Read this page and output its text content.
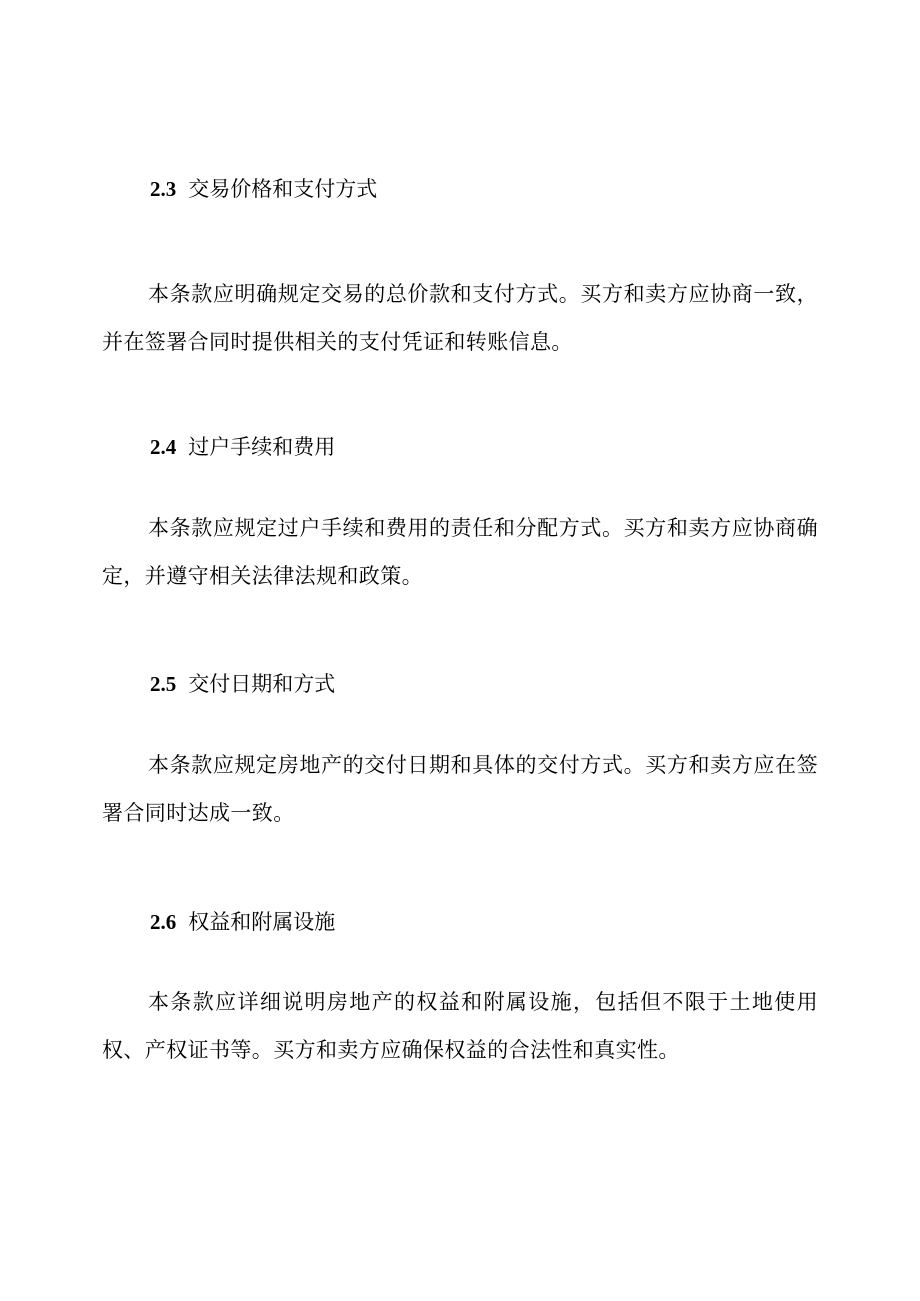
2.3 交易价格和支付方式
本条款应明确规定交易的总价款和支付方式。买方和卖方应协商一致，并在签署合同时提供相关的支付凭证和转账信息。
2.4 过户手续和费用
本条款应规定过户手续和费用的责任和分配方式。买方和卖方应协商确定，并遵守相关法律法规和政策。
2.5 交付日期和方式
本条款应规定房地产的交付日期和具体的交付方式。买方和卖方应在签署合同时达成一致。
2.6 权益和附属设施
本条款应详细说明房地产的权益和附属设施，包括但不限于土地使用权、产权证书等。买方和卖方应确保权益的合法性和真实性。
